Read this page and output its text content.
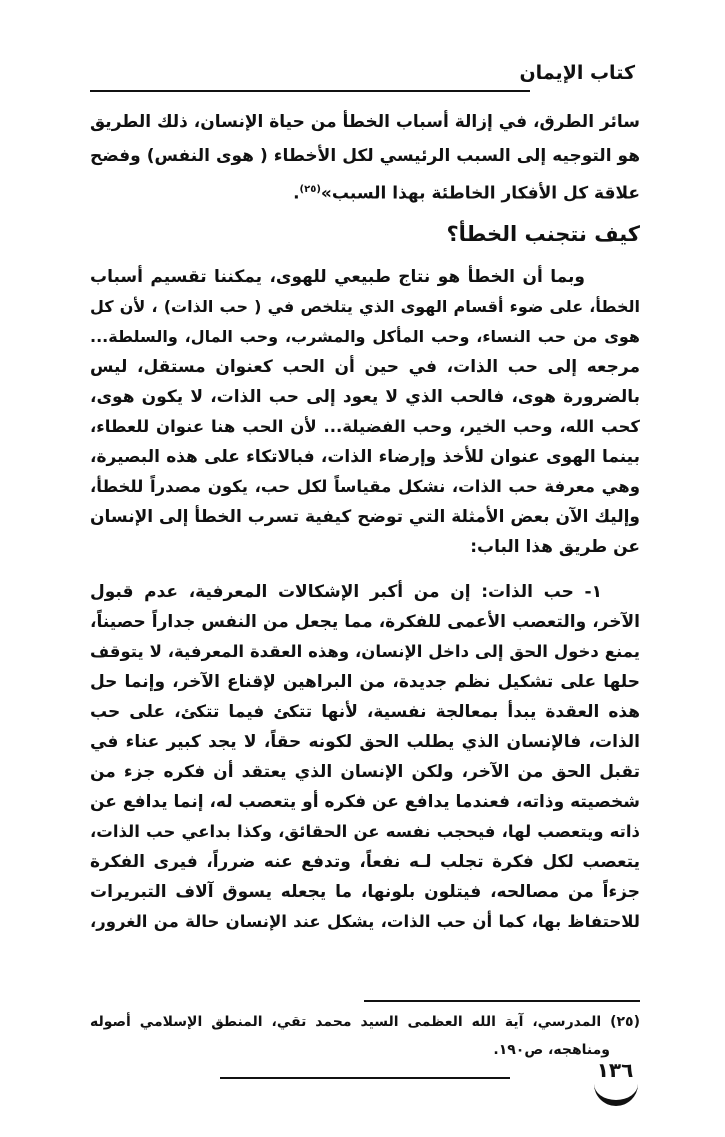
كتاب الإيمان
سائر الطرق، في إزالة أسباب الخطأ من حياة الإنسان، ذلك الطريق
هو التوجيه إلى السبب الرئيسي لكل الأخطاء ( هوى النفس) وفضح
علاقة كل الأفكار الخاطئة بهذا السبب»$^{(٢٥)}$.
كيف نتجنب الخطأ؟
وبما أن الخطأ هو نتاج طبيعي للهوى، يمكننا تقسيم أسباب
الخطأ، على ضوء أقسام الهوى الذي يتلخص في ( حب الذات) ، لأن كل
هوى من حب النساء، وحب المأكل والمشرب، وحب المال، والسلطة...
مرجعه إلى حب الذات، في حين أن الحب كعنوان مستقل، ليس
بالضرورة هوى، فالحب الذي لا يعود إلى حب الذات، لا يكون هوى،
كحب الله، وحب الخير، وحب الفضيلة... لأن الحب هنا عنوان للعطاء،
بينما الهوى عنوان للأخذ وإرضاء الذات، فبالاتكاء على هذه البصيرة،
وهي معرفة حب الذات، نشكل مقياساً لكل حب، يكون مصدراً للخطأ،
وإليك الآن بعض الأمثلة التي توضح كيفية تسرب الخطأ إلى الإنسان
عن طريق هذا الباب:
١- حب الذات: إن من أكبر الإشكالات المعرفية، عدم قبول
الآخر، والتعصب الأعمى للفكرة، مما يجعل من النفس جداراً حصيناً،
يمنع دخول الحق إلى داخل الإنسان، وهذه العقدة المعرفية، لا يتوقف
حلها على تشكيل نظم جديدة، من البراهين لإقناع الآخر، وإنما حل
هذه العقدة يبدأ بمعالجة نفسية، لأنها تتكئ فيما تتكئ، على حب
الذات، فالإنسان الذي يطلب الحق لكونه حقاً، لا يجد كبير عناء في
تقبل الحق من الآخر، ولكن الإنسان الذي يعتقد أن فكره جزء من
شخصيته وذاته، فعندما يدافع عن فكره أو يتعصب له، إنما يدافع عن
ذاته ويتعصب لها، فيحجب نفسه عن الحقائق، وكذا بداعي حب الذات،
يتعصب لكل فكرة تجلب لـه نفعاً، وتدفع عنه ضرراً، فيرى الفكرة
جزءاً من مصالحه، فيتلون بلونها، ما يجعله يسوق آلاف التبريرات
للاحتفاظ بها، كما أن حب الذات، يشكل عند الإنسان حالة من الغرور،
(٢٥) المدرسي، آية الله العظمى السيد محمد تقي، المنطق الإسلامي أصوله
ومناهجه، ص١٩٠.
١٣٦
